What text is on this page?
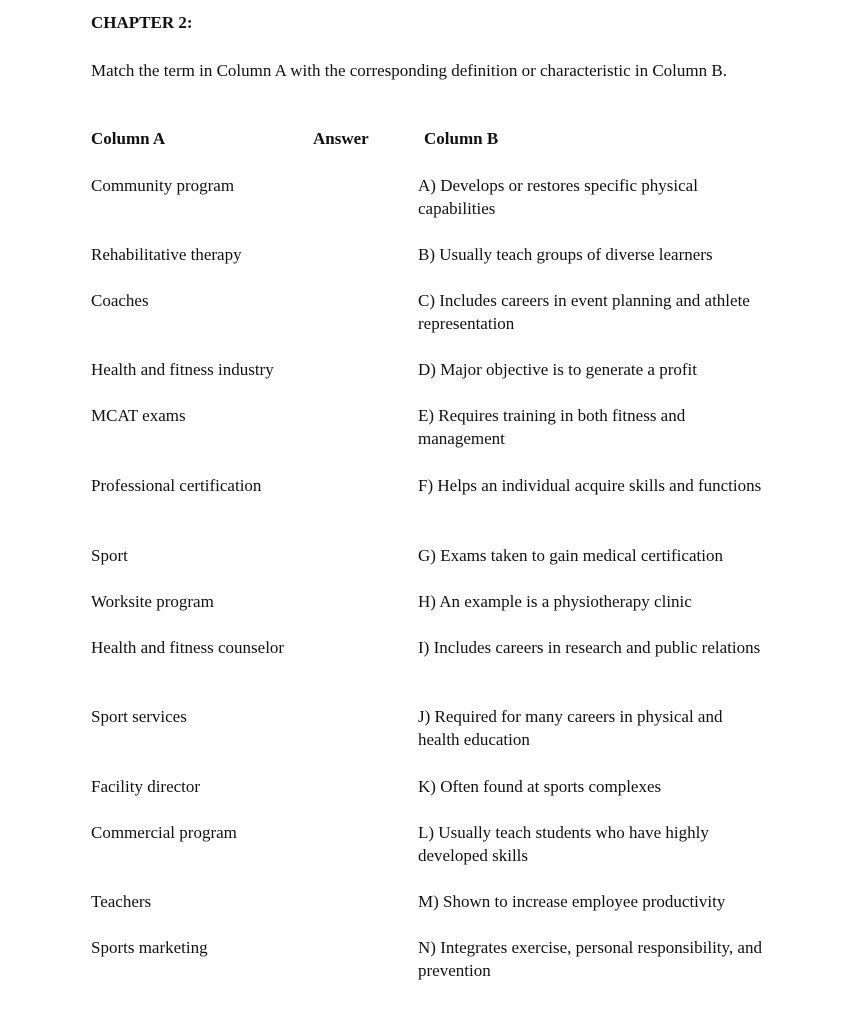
CHAPTER 2:
Match the term in Column A with the corresponding definition or characteristic in Column B.
Column A	Answer	Column B
Community program	A) Develops or restores specific physical capabilities
Rehabilitative therapy	B) Usually teach groups of diverse learners
Coaches	C) Includes careers in event planning and athlete representation
Health and fitness industry	D) Major objective is to generate a profit
MCAT exams	E) Requires training in both fitness and management
Professional certification	F) Helps an individual acquire skills and functions
Sport	G) Exams taken to gain medical certification
Worksite program	H) An example is a physiotherapy clinic
Health and fitness counselor	I) Includes careers in research and public relations
Sport services	J) Required for many careers in physical and health education
Facility director	K) Often found at sports complexes
Commercial program	L) Usually teach students who have highly developed skills
Teachers	M) Shown to increase employee productivity
Sports marketing	N) Integrates exercise, personal responsibility, and prevention
